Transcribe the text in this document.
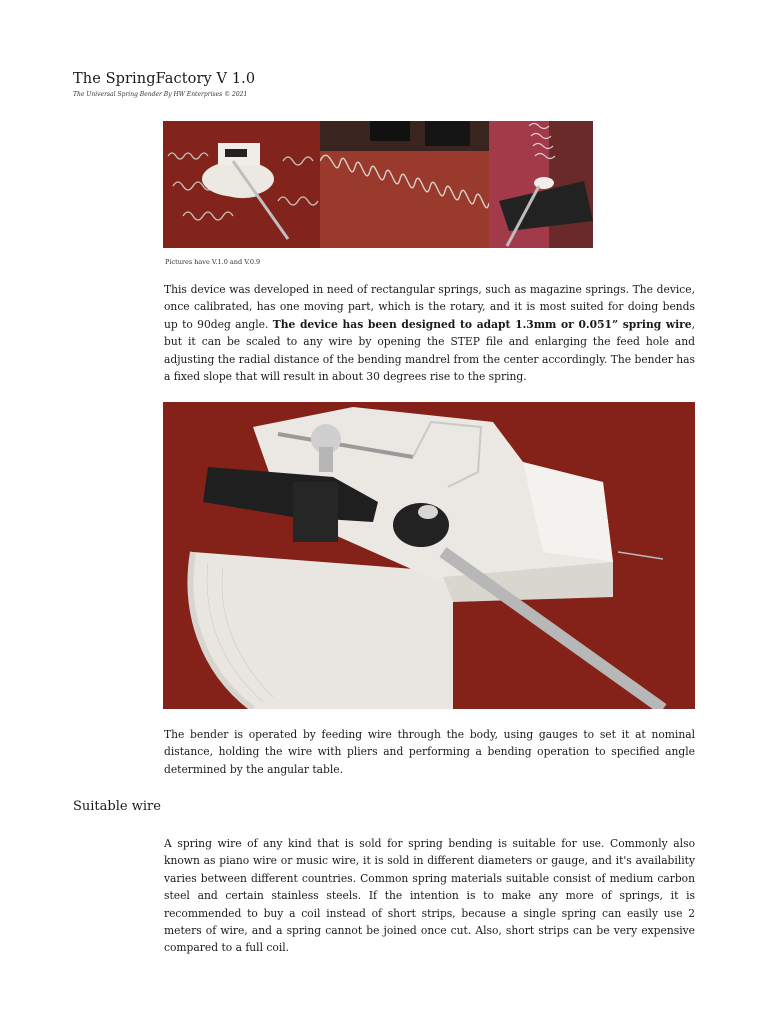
The SpringFactory V 1.0
The Universal Spring Bender By HW Enterprises © 2021
Pictures have V.1.0 and V.0.9
This device was developed in need of rectangular springs, such as magazine springs. The device, once calibrated, has one moving part, which is the rotary, and it is most suited for doing bends up to 90deg angle. The device has been designed to adapt 1.3mm or 0.051” spring wire, but it can be scaled to any wire by opening the STEP file and enlarging the feed hole and adjusting the radial distance of the bending mandrel from the center accordingly. The bender has a fixed slope that will result in about 30 degrees rise to the spring.
The bender is operated by feeding wire through the body, using gauges to set it at nominal distance, holding the wire with pliers and performing a bending operation to specified angle determined by the angular table.
Suitable wire
A spring wire of any kind that is sold for spring bending is suitable for use. Commonly also known as piano wire or music wire, it is sold in different diameters or gauge, and it's availability varies between different countries. Common spring materials suitable consist of medium carbon steel and certain stainless steels. If the intention is to make any more of springs, it is recommended to buy a coil instead of short strips, because a single spring can easily use 2 meters of wire, and a spring cannot be joined once cut. Also, short strips can be very expensive compared to a full coil.
